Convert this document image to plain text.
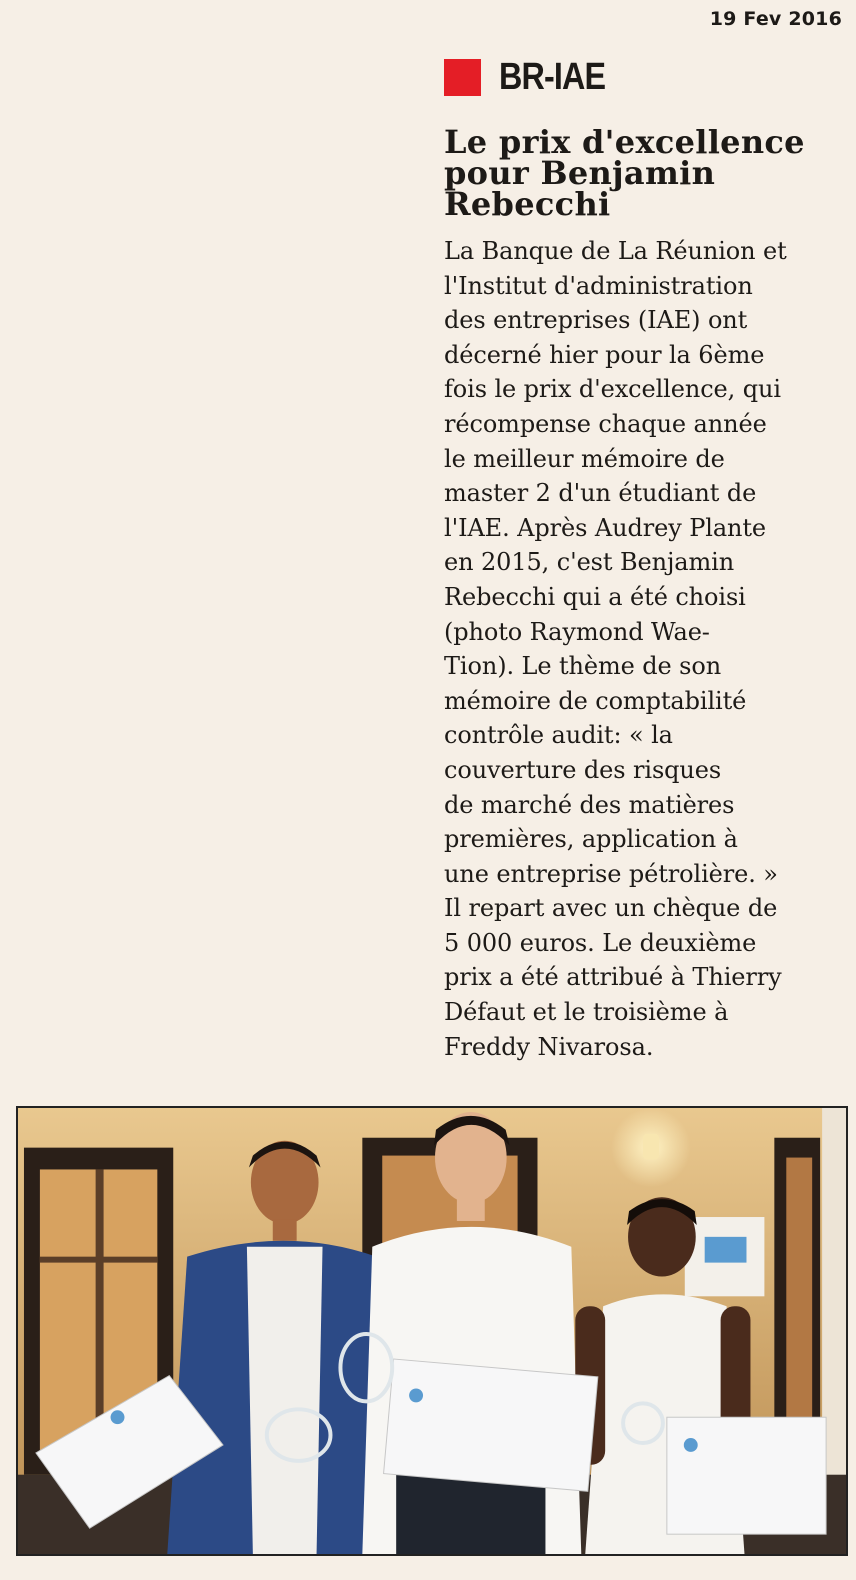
19 Fev 2016
BR-IAE
Le prix d'excellence
pour Benjamin
Rebecchi

La Banque de La Réunion et
l'Institut d'administration
des entreprises (IAE) ont
décerné hier pour la 6ème
fois le prix d'excellence, qui
récompense chaque année
le meilleur mémoire de
master 2 d'un étudiant de
l'IAE. Après Audrey Plante
en 2015, c'est Benjamin
Rebecchi qui a été choisi
(photo Raymond Wae-
Tion). Le thème de son
mémoire de comptabilité
contrôle audit: « la
couverture des risques
de marché des matières
premières, application à
une entreprise pétrolière. »
Il repart avec un chèque de
5 000 euros. Le deuxième
prix a été attribué à Thierry
Défaut et le troisième à
Freddy Nivarosa.
